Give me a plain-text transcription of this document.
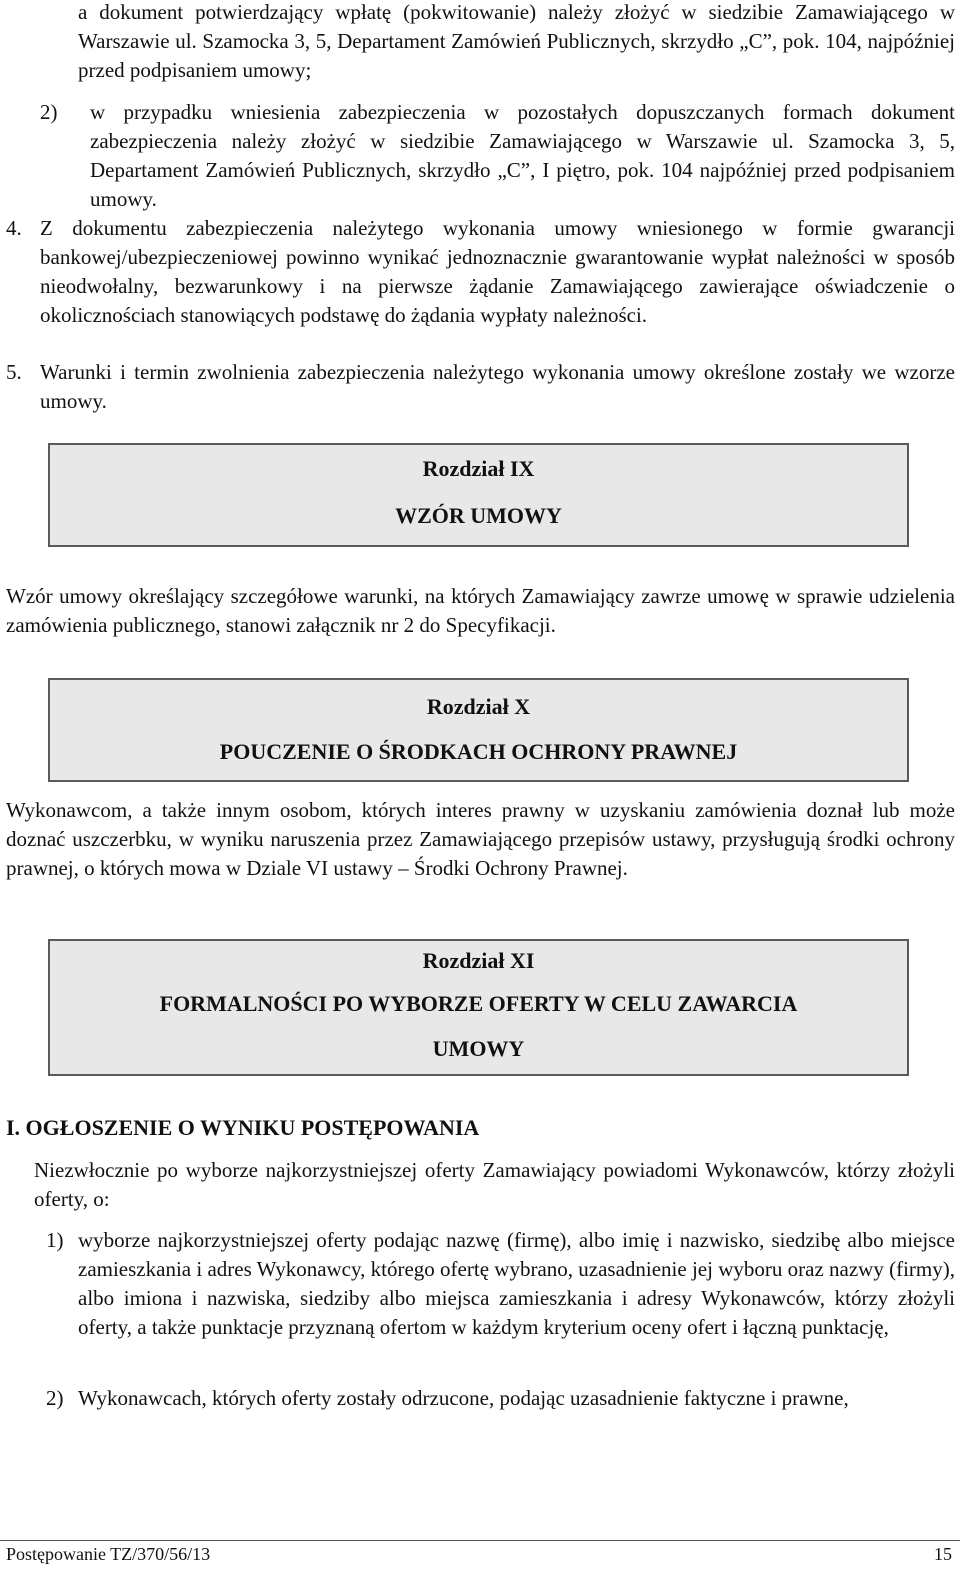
a dokument potwierdzający wpłatę (pokwitowanie) należy złożyć w siedzibie Zamawiającego w Warszawie ul. Szamocka 3, 5, Departament Zamówień Publicznych, skrzydło „C”, pok. 104, najpóźniej przed podpisaniem umowy;
2) w przypadku wniesienia zabezpieczenia w pozostałych dopuszczanych formach dokument zabezpieczenia należy złożyć w siedzibie Zamawiającego w Warszawie ul. Szamocka 3, 5, Departament Zamówień Publicznych, skrzydło „C”, I piętro, pok. 104 najpóźniej przed podpisaniem umowy.
4. Z dokumentu zabezpieczenia należytego wykonania umowy wniesionego w formie gwarancji bankowej/ubezpieczeniowej powinno wynikać jednoznacznie gwarantowanie wypłat należności w sposób nieodwołalny, bezwarunkowy i na pierwsze żądanie Zamawiającego zawierające oświadczenie o okolicznościach stanowiących podstawę do żądania wypłaty należności.
5. Warunki i termin zwolnienia zabezpieczenia należytego wykonania umowy określone zostały we wzorze umowy.
Rozdział IX
WZÓR UMOWY
Wzór umowy określający szczegółowe warunki, na których Zamawiający zawrze umowę w sprawie udzielenia zamówienia publicznego, stanowi załącznik nr 2 do Specyfikacji.
Rozdział X
POUCZENIE O ŚRODKACH OCHRONY PRAWNEJ
Wykonawcom, a także innym osobom, których interes prawny w uzyskaniu zamówienia doznał lub może doznać uszczerbku, w wyniku naruszenia przez Zamawiającego przepisów ustawy, przysługują środki ochrony prawnej, o których mowa w Dziale VI ustawy – Środki Ochrony Prawnej.
Rozdział XI
FORMALNOŚCI PO WYBORZE OFERTY W CELU ZAWARCIA
UMOWY
I. OGŁOSZENIE O WYNIKU POSTĘPOWANIA
Niezwłocznie po wyborze najkorzystniejszej oferty Zamawiający powiadomi Wykonawców, którzy złożyli oferty, o:
1) wyborze najkorzystniejszej oferty podając nazwę (firmę), albo imię i nazwisko, siedzibę albo miejsce zamieszkania i adres Wykonawcy, którego ofertę wybrano, uzasadnienie jej wyboru oraz nazwy (firmy), albo imiona i nazwiska, siedziby albo miejsca zamieszkania i adresy Wykonawców, którzy złożyli oferty, a także punktacje przyznaną ofertom w każdym kryterium oceny ofert i łączną punktację,
2) Wykonawcach, których oferty zostały odrzucone, podając uzasadnienie faktyczne i prawne,
Postępowanie TZ/370/56/13	15
